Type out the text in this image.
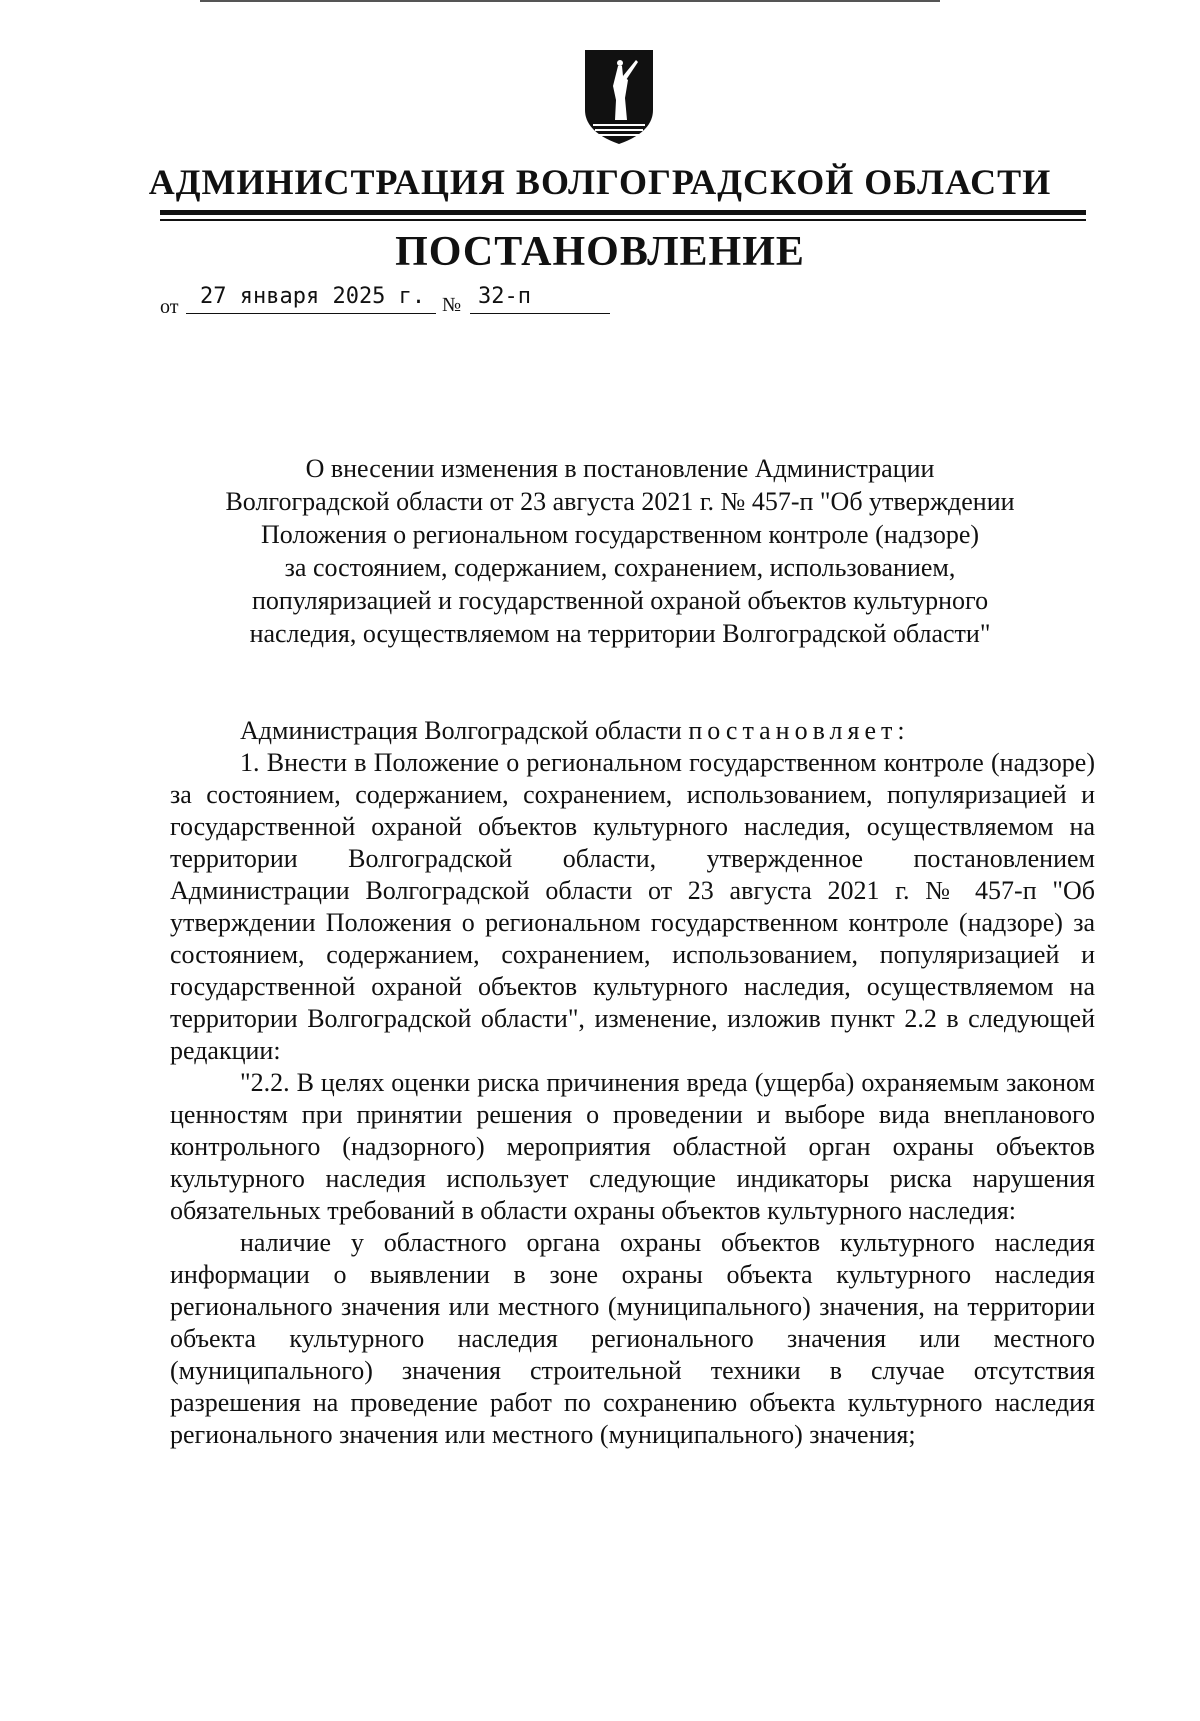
АДМИНИСТРАЦИЯ ВОЛГОГРАДСКОЙ ОБЛАСТИ
ПОСТАНОВЛЕНИЕ
от 27 января 2025 г. № 32-п
О внесении изменения в постановление Администрации
Волгоградской области от 23 августа 2021 г. № 457-п "Об утверждении
Положения о региональном государственном контроле (надзоре)
за состоянием, содержанием, сохранением, использованием,
популяризацией и государственной охраной объектов культурного
наследия, осуществляемом на территории Волгоградской области"

Администрация Волгоградской области постановляет:

1. Внести в Положение о региональном государственном контроле (надзоре) за состоянием, содержанием, сохранением, использованием, популяризацией и государственной охраной объектов культурного наследия, осуществляемом на территории Волгоградской области, утвержденное постановлением Администрации Волгоградской области от 23 августа 2021 г. № 457-п "Об утверждении Положения о региональном государственном контроле (надзоре) за состоянием, содержанием, сохранением, использованием, популяризацией и государственной охраной объектов культурного наследия, осуществляемом на территории Волгоградской области", изменение, изложив пункт 2.2 в следующей редакции:

"2.2. В целях оценки риска причинения вреда (ущерба) охраняемым законом ценностям при принятии решения о проведении и выборе вида внепланового контрольного (надзорного) мероприятия областной орган охраны объектов культурного наследия использует следующие индикаторы риска нарушения обязательных требований в области охраны объектов культурного наследия:

наличие у областного органа охраны объектов культурного наследия информации о выявлении в зоне охраны объекта культурного наследия регионального значения или местного (муниципального) значения, на территории объекта культурного наследия регионального значения или местного (муниципального) значения строительной техники в случае отсутствия разрешения на проведение работ по сохранению объекта культурного наследия регионального значения или местного (муниципального) значения;
